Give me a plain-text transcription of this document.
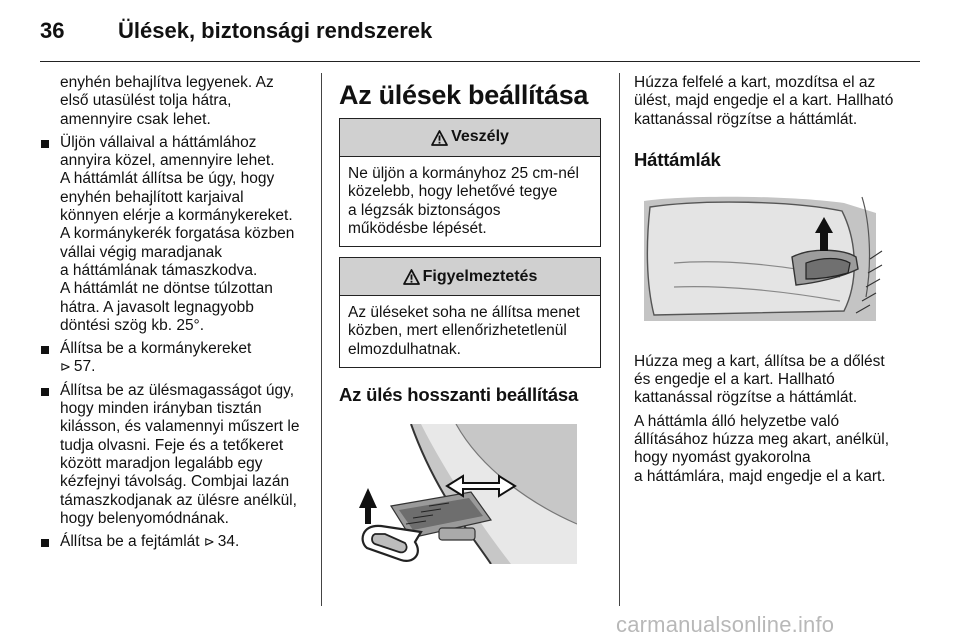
36 Ülések, biztonsági rendszerek
enyhén behajlítva legyenek. Az
első utasülést tolja hátra,
amennyire csak lehet.
Üljön vállaival a háttámlához
annyira közel, amennyire lehet.
A háttámlát állítsa be úgy, hogy
enyhén behajlított karjaival
könnyen elérje a kormánykereket.
A kormánykerék forgatása közben
vállai végig maradjanak
a háttámlának támaszkodva.
A háttámlát ne döntse túlzottan
hátra. A javasolt legnagyobb
döntési szög kb. 25°.
Állítsa be a kormánykereket
⊳ 57.
Állítsa be az ülésmagasságot úgy,
hogy minden irányban tisztán
kilásson, és valamennyi műszert le
tudja olvasni. Feje és a tetőkeret
között maradjon legalább egy
kézfejnyi távolság. Combjai lazán
támaszkodjanak az ülésre anélkül,
hogy belenyomódnának.
Állítsa be a fejtámlát ⊳ 34.
Az ülések beállítása
Veszély
Ne üljön a kormányhoz 25 cm-nél
közelebb, hogy lehetővé tegye
a légzsák biztonságos
működésbe lépését.
Figyelmeztetés
Az üléseket soha ne állítsa menet
közben, mert ellenőrizhetetlenül
elmozdulhatnak.
Az ülés hosszanti beállítása
Húzza felfelé a kart, mozdítsa el az
ülést, majd engedje el a kart. Hallható
kattanással rögzítse a háttámlát.
Háttámlák
Húzza meg a kart, állítsa be a dőlést
és engedje el a kart. Hallható
kattanással rögzítse a háttámlát.
A háttámla álló helyzetbe való
állításához húzza meg akart, anélkül,
hogy nyomást gyakorolna
a háttámlára, majd engedje el a kart.
carmanualsonline.info
